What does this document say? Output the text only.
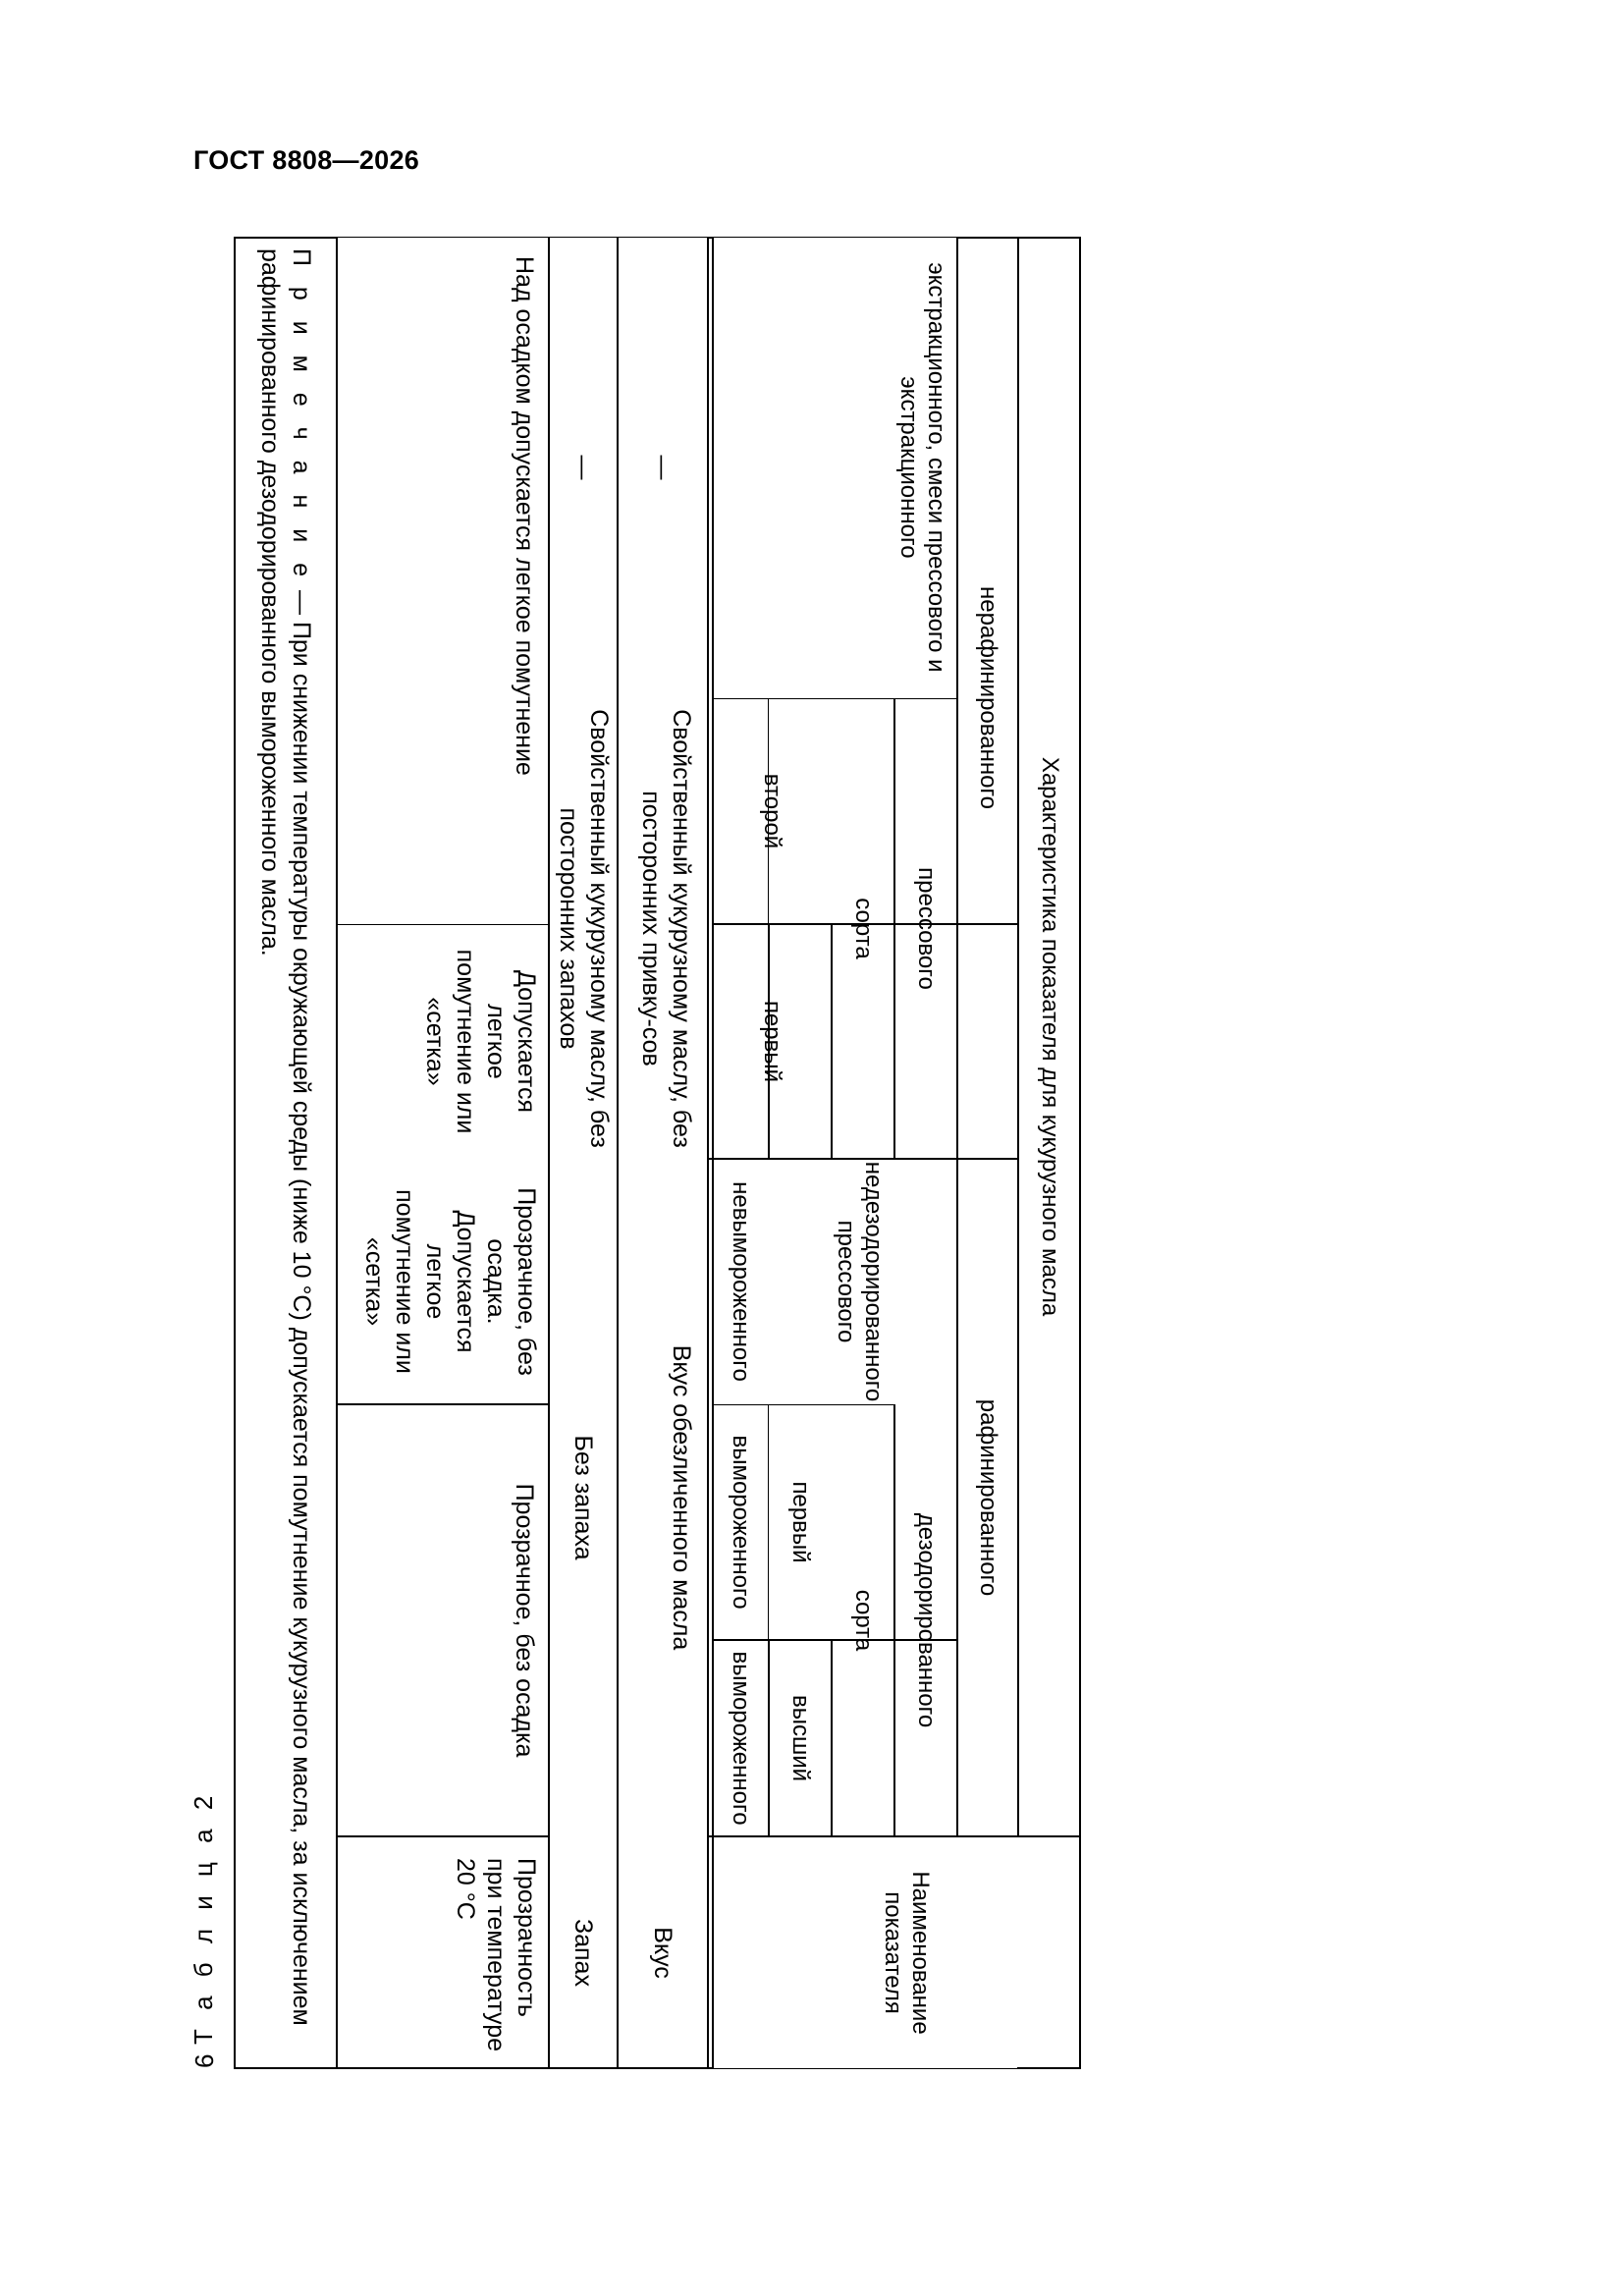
ГОСТ 8808—2026
6
Т а б л и ц а 2	Наименование показателя
Характеристика показателя для кукурузного масла
рафинированного
нерафинированного
дезодорированного
недезодорированного прессового
прессового
экстракционного, смеси прессового и экстракционного
сорта
сорта
высший
первый
вымороженного
вымороженного
невымороженного
первый
второй
Вкус
Вкус обезличенного масла
Свойственный кукурузному маслу, без посторонних привку-сов
—
Запах
Без запаха
Свойственный кукурузному маслу, без посторонних запахов
—
Прозрачность при температуре 20 °С
Прозрачное, без осадка
Прозрачное, без осадка. Допускается легкое помутнение или «сетка»
Допускается легкое помутнение или «сетка»
Над осадком допускается легкое помутнение
П р и м е ч а н и е — При снижении температуры окружающей среды (ниже 10 °С) допускается помутнение кукурузного масла, за исключением рафинированного дезодорированного вымороженного масла.
